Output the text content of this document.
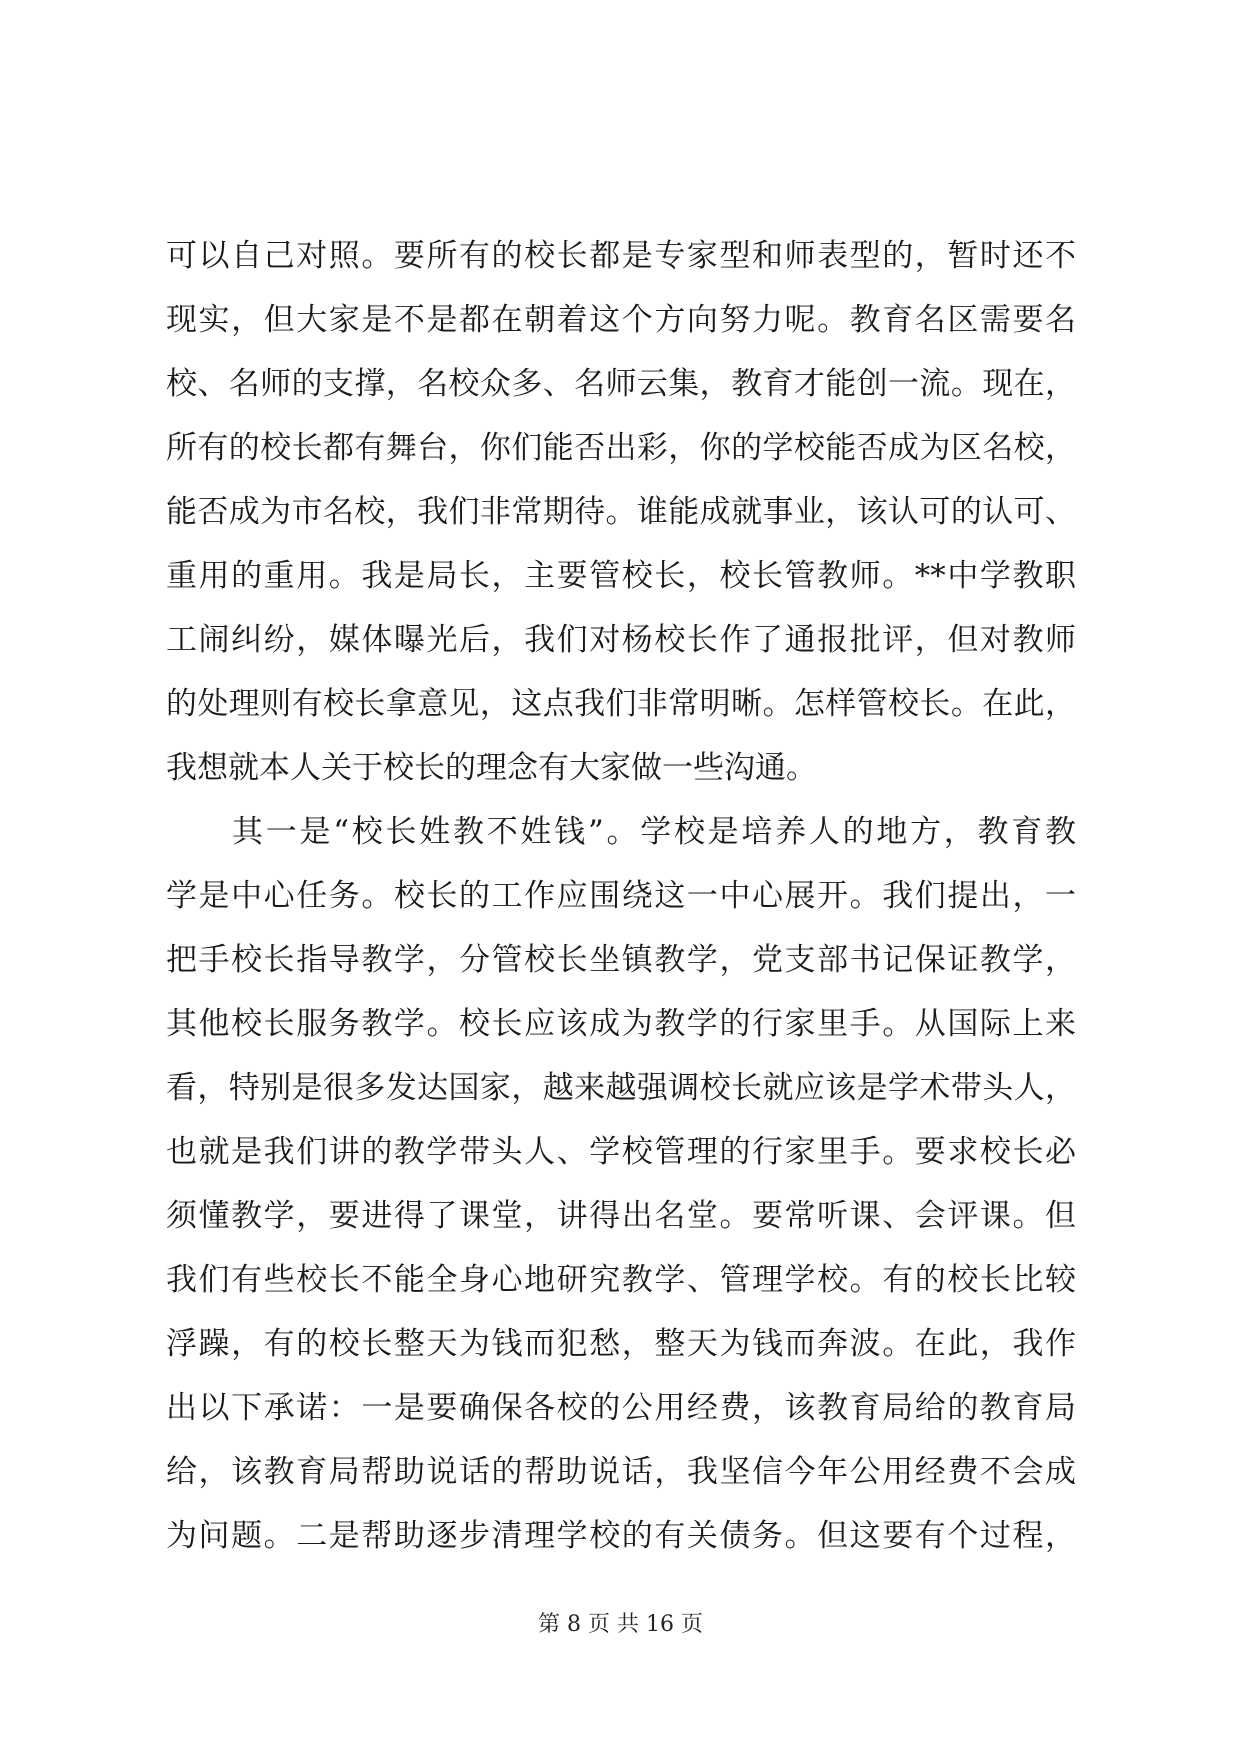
可以自己对照。要所有的校长都是专家型和师表型的，暂时还不
现实，但大家是不是都在朝着这个方向努力呢。教育名区需要名
校、名师的支撑，名校众多、名师云集，教育才能创一流。现在，
所有的校长都有舞台，你们能否出彩，你的学校能否成为区名校，
能否成为市名校，我们非常期待。谁能成就事业，该认可的认可、
重用的重用。我是局长，主要管校长，校长管教师。**中学教职
工闹纠纷，媒体曝光后，我们对杨校长作了通报批评，但对教师
的处理则有校长拿意见，这点我们非常明晰。怎样管校长。在此，
我想就本人关于校长的理念有大家做一些沟通。
其一是“校长姓教不姓钱”。学校是培养人的地方，教育教
学是中心任务。校长的工作应围绕这一中心展开。我们提出，一
把手校长指导教学，分管校长坐镇教学，党支部书记保证教学，
其他校长服务教学。校长应该成为教学的行家里手。从国际上来
看，特别是很多发达国家，越来越强调校长就应该是学术带头人，
也就是我们讲的教学带头人、学校管理的行家里手。要求校长必
须懂教学，要进得了课堂，讲得出名堂。要常听课、会评课。但
我们有些校长不能全身心地研究教学、管理学校。有的校长比较
浮躁，有的校长整天为钱而犯愁，整天为钱而奔波。在此，我作
出以下承诺：一是要确保各校的公用经费，该教育局给的教育局
给，该教育局帮助说话的帮助说话，我坚信今年公用经费不会成
为问题。二是帮助逐步清理学校的有关债务。但这要有个过程，
第 8 页 共 16 页
